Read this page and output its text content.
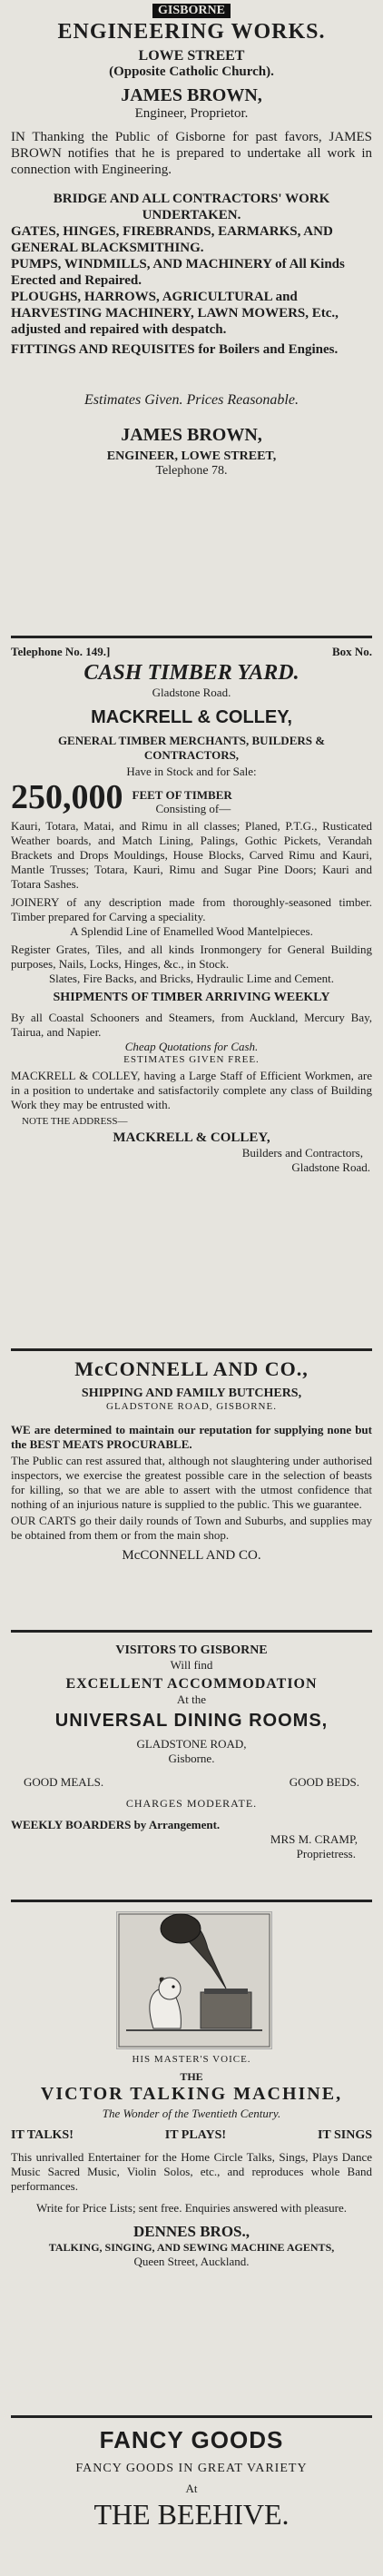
GISBORNE
ENGINEERING WORKS.
LOWE STREET
(Opposite Catholic Church).
JAMES BROWN,
Engineer, Proprietor.

IN Thanking the Public of Gisborne for past favors, JAMES BROWN notifies that he is prepared to undertake all work in connection with Engineering.

BRIDGE AND ALL CONTRACTORS' WORK UNDERTAKEN.

GATES, HINGES, FIREBRANDS, EARMARKS, AND GENERAL BLACKSMITHING.

PUMPS, WINDMILLS, AND MACHINERY of All Kinds Erected and Repaired.

PLOUGHS, HARROWS, AGRICULTURAL and HARVESTING MACHINERY, LAWN MOWERS, Etc., adjusted and repaired with despatch.

FITTINGS AND REQUISITES for Boilers and Engines.

Estimates Given. Prices Reasonable.
JAMES BROWN,
ENGINEER, LOWE STREET,
Telephone 78.
Telephone No. 149.]	Box No.
CASH TIMBER YARD.
Gladstone Road.
MACKRELL & COLLEY,

GENERAL TIMBER MERCHANTS, BUILDERS & CONTRACTORS,

Have in Stock and for Sale:
250,000 FEET OF TIMBER
Consisting of—

Kauri, Totara, Matai, and Rimu in all classes; Planed, P.T.G., Rusticated Weather boards, and Match Lining, Palings, Gothic Pickets, Verandah Brackets and Drops Mouldings, House Blocks, Carved Rimu and Kauri, Mantle Trusses; Totara, Kauri, Rimu and Sugar Pine Doors; Kauri and Totara Sashes.

JOINERY of any description made from thoroughly-seasoned timber. Timber prepared for Carving a speciality.

A Splendid Line of Enamelled Wood Mantelpieces.

Register Grates, Tiles, and all kinds Ironmongery for General Building purposes, Nails, Locks, Hinges, &c., in Stock.

Slates, Fire Backs, and Bricks, Hydraulic Lime and Cement.

SHIPMENTS OF TIMBER ARRIVING WEEKLY

By all Coastal Schooners and Steamers, from Auckland, Mercury Bay, Tairua, and Napier.

Cheap Quotations for Cash.
ESTIMATES GIVEN FREE.

MACKRELL & COLLEY, having a Large Staff of Efficient Workmen, are in a position to undertake and satisfactorily complete any class of Building Work they may be entrusted with.

NOTE THE ADDRESS—
MACKRELL & COLLEY,
Builders and Contractors,
Gladstone Road.
McCONNELL AND CO.,
SHIPPING AND FAMILY BUTCHERS,
GLADSTONE ROAD, GISBORNE.

WE are determined to maintain our reputation for supplying none but the BEST MEATS PROCURABLE.

The Public can rest assured that, although not slaughtering under authorised inspectors, we exercise the greatest possible care in the selection of beasts for killing, so that we are able to assert with the utmost confidence that nothing of an injurious nature is supplied to the public. This we guarantee.

OUR CARTS go their daily rounds of Town and Suburbs, and supplies may be obtained from them or from the main shop.

McCONNELL AND CO.
VISITORS TO GISBORNE
Will find
EXCELLENT ACCOMMODATION
At the
UNIVERSAL DINING ROOMS,
GLADSTONE ROAD,
Gisborne.
GOOD MEALS.	GOOD BEDS.
CHARGES MODERATE.
WEEKLY BOARDERS by Arrangement.
MRS M. CRAMP,
Proprietress.
HIS MASTER'S VOICE.
THE
VICTOR TALKING MACHINE,
The Wonder of the Twentieth Century.
IT TALKS!	IT PLAYS!	IT SINGS

This unrivalled Entertainer for the Home Circle Talks, Sings, Plays Dance Music Sacred Music, Violin Solos, etc., and reproduces whole Band performances.

Write for Price Lists; sent free. Enquiries answered with pleasure.

DENNES BROS.,

TALKING, SINGING, AND SEWING MACHINE AGENTS,

Queen Street, Auckland.
FANCY GOODS
FANCY GOODS IN GREAT VARIETY
At
THE BEEHIVE.
